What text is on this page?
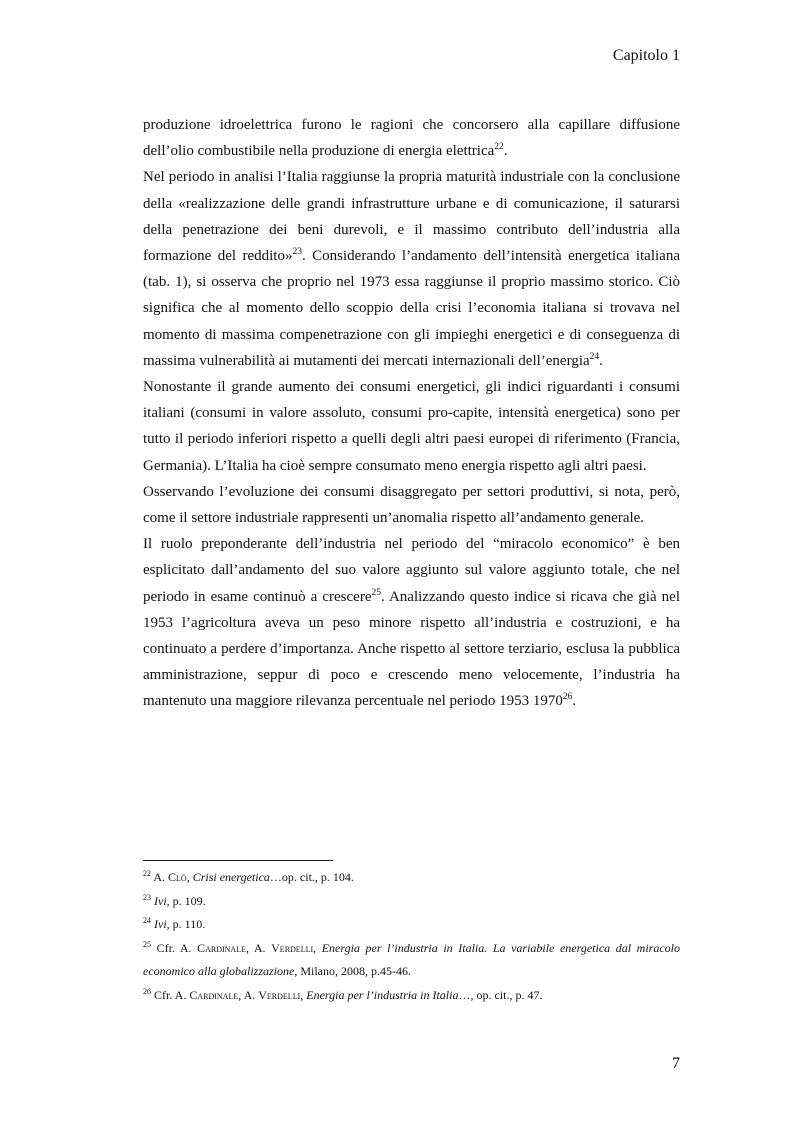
Capitolo 1

produzione idroelettrica furono le ragioni che concorsero alla capillare diffusione dell’olio combustibile nella produzione di energia elettrica$^{22}$.

Nel periodo in analisi l’Italia raggiunse la propria maturità industriale con la conclusione della «realizzazione delle grandi infrastrutture urbane e di comunicazione, il saturarsi della penetrazione dei beni durevoli, e il massimo contributo dell’industria alla formazione del reddito»$^{23}$. Considerando l’andamento dell’intensità energetica italiana (tab. 1), si osserva che proprio nel 1973 essa raggiunse il proprio massimo storico. Ciò significa che al momento dello scoppio della crisi l’economia italiana si trovava nel momento di massima compenetrazione con gli impieghi energetici e di conseguenza di massima vulnerabilità ai mutamenti dei mercati internazionali dell’energia$^{24}$.

Nonostante il grande aumento dei consumi energetici, gli indici riguardanti i consumi italiani (consumi in valore assoluto, consumi pro-capite, intensità energetica) sono per tutto il periodo inferiori rispetto a quelli degli altri paesi europei di riferimento (Francia, Germania). L’Italia ha cioè sempre consumato meno energia rispetto agli altri paesi.

Osservando l’evoluzione dei consumi disaggregato per settori produttivi, si nota, però, come il settore industriale rappresenti un’anomalia rispetto all’andamento generale.

Il ruolo preponderante dell’industria nel periodo del “miracolo economico” è ben esplicitato dall’andamento del suo valore aggiunto sul valore aggiunto totale, che nel periodo in esame continuò a crescere$^{25}$. Analizzando questo indice si ricava che già nel 1953 l’agricoltura aveva un peso minore rispetto all’industria e costruzioni, e ha continuato a perdere d’importanza. Anche rispetto al settore terziario, esclusa la pubblica amministrazione, seppur di poco e crescendo meno velocemente, l’industria ha mantenuto una maggiore rilevanza percentuale nel periodo 1953 1970$^{26}$.

$^{22}$ A. Clò, Crisi energetica…op. cit., p. 104.

$^{23}$ Ivi, p. 109.

$^{24}$ Ivi, p. 110.

$^{25}$ Cfr. A. Cardinale, A. Verdelli, Energia per l’industria in Italia. La variabile energetica dal miracolo economico alla globalizzazione, Milano, 2008, p.45-46.

$^{26}$ Cfr. A. Cardinale, A. Verdelli, Energia per l’industria in Italia…, op. cit., p. 47.

7
